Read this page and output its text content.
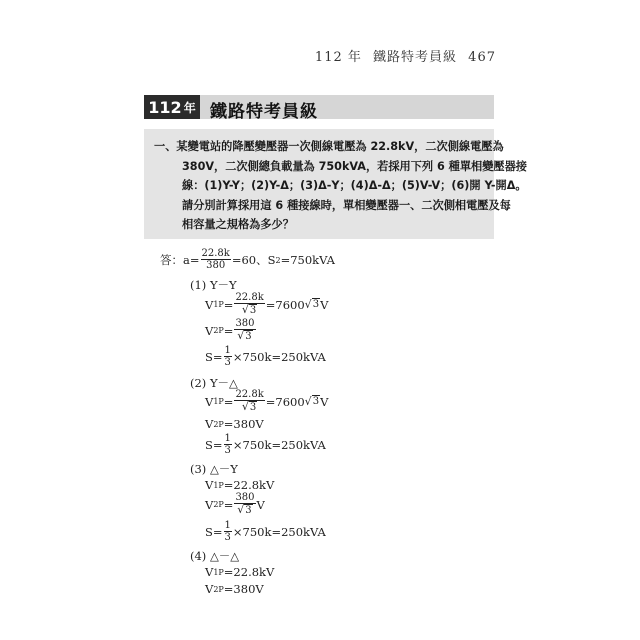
112 年 鐵路特考員級 467
112 年 鐵路特考員級
一、某變電站的降壓變壓器一次側線電壓為 22.8kV，二次側線電壓為
380V，二次側總負載量為 750kVA，若採用下列 6 種單相變壓器接
線：(1)Y-Y；(2)Y-Δ；(3)Δ-Y；(4)Δ-Δ；(5)V-V；(6)開 Y-開Δ。
請分別計算採用這 6 種接線時，單相變壓器一、二次側相電壓及每
相容量之規格為多少？
答： $a= \frac{22.8k}{380} =60$、S 2 =750kVA
(1) Y－Y
V $1P = \frac{22.8k}{√ 3} =7600$ √ 3 V
V $2P = \frac{380}{√ 3}$
$S= \frac{1}{3} \times 750k=250kVA$
(2) Y－△
V $1P = \frac{22.8k}{√ 3} =7600$ √ 3 V
V 2P =380V
$S= \frac{1}{3} \times 750k=250kVA$
(3) △－Y
V 1P =22.8kV
V $2P = \frac{380}{√ 3}$ V
$S= \frac{1}{3} \times 750k=250kVA$
(4) △－△
V 1P =22.8kV
V 2P =380V
